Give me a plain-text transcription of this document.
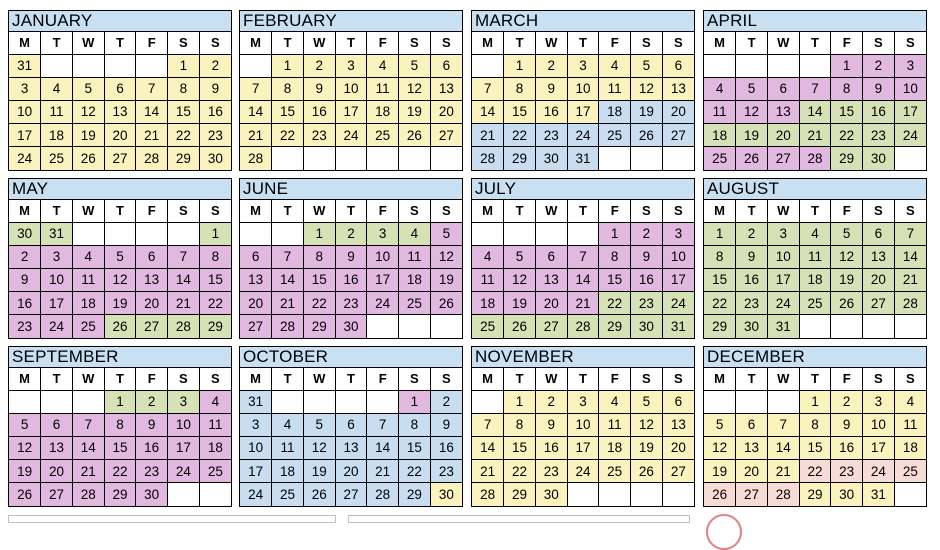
JANUARY
M	T	W	T	F	S	S
31					1	2
3	4	5	6	7	8	9
10	11	12	13	14	15	16
17	18	19	20	21	22	23
24	25	26	27	28	29	30
FEBRUARY
M	T	W	T	F	S	S
	1	2	3	4	5	6
7	8	9	10	11	12	13
14	15	16	17	18	19	20
21	22	23	24	25	26	27
28						
MARCH
M	T	W	T	F	S	S
	1	2	3	4	5	6
7	8	9	10	11	12	13
14	15	16	17	18	19	20
21	22	23	24	25	26	27
28	29	30	31			
APRIL
M	T	W	T	F	S	S
				1	2	3
4	5	6	7	8	9	10
11	12	13	14	15	16	17
18	19	20	21	22	23	24
25	26	27	28	29	30	
MAY
M	T	W	T	F	S	S
30	31					1
2	3	4	5	6	7	8
9	10	11	12	13	14	15
16	17	18	19	20	21	22
23	24	25	26	27	28	29
JUNE
M	T	W	T	F	S	S
		1	2	3	4	5
6	7	8	9	10	11	12
13	14	15	16	17	18	19
20	21	22	23	24	25	26
27	28	29	30			
JULY
M	T	W	T	F	S	S
				1	2	3
4	5	6	7	8	9	10
11	12	13	14	15	16	17
18	19	20	21	22	23	24
25	26	27	28	29	30	31
AUGUST
M	T	W	T	F	S	S
1	2	3	4	5	6	7
8	9	10	11	12	13	14
15	16	17	18	19	20	21
22	23	24	25	26	27	28
29	30	31				
SEPTEMBER
M	T	W	T	F	S	S
			1	2	3	4
5	6	7	8	9	10	11
12	13	14	15	16	17	18
19	20	21	22	23	24	25
26	27	28	29	30		
OCTOBER
M	T	W	T	F	S	S
31					1	2
3	4	5	6	7	8	9
10	11	12	13	14	15	16
17	18	19	20	21	22	23
24	25	26	27	28	29	30
NOVEMBER
M	T	W	T	F	S	S
	1	2	3	4	5	6
7	8	9	10	11	12	13
14	15	16	17	18	19	20
21	22	23	24	25	26	27
28	29	30				
DECEMBER
M	T	W	T	F	S	S
			1	2	3	4
5	6	7	8	9	10	11
12	13	14	15	16	17	18
19	20	21	22	23	24	25
26	27	28	29	30	31	
